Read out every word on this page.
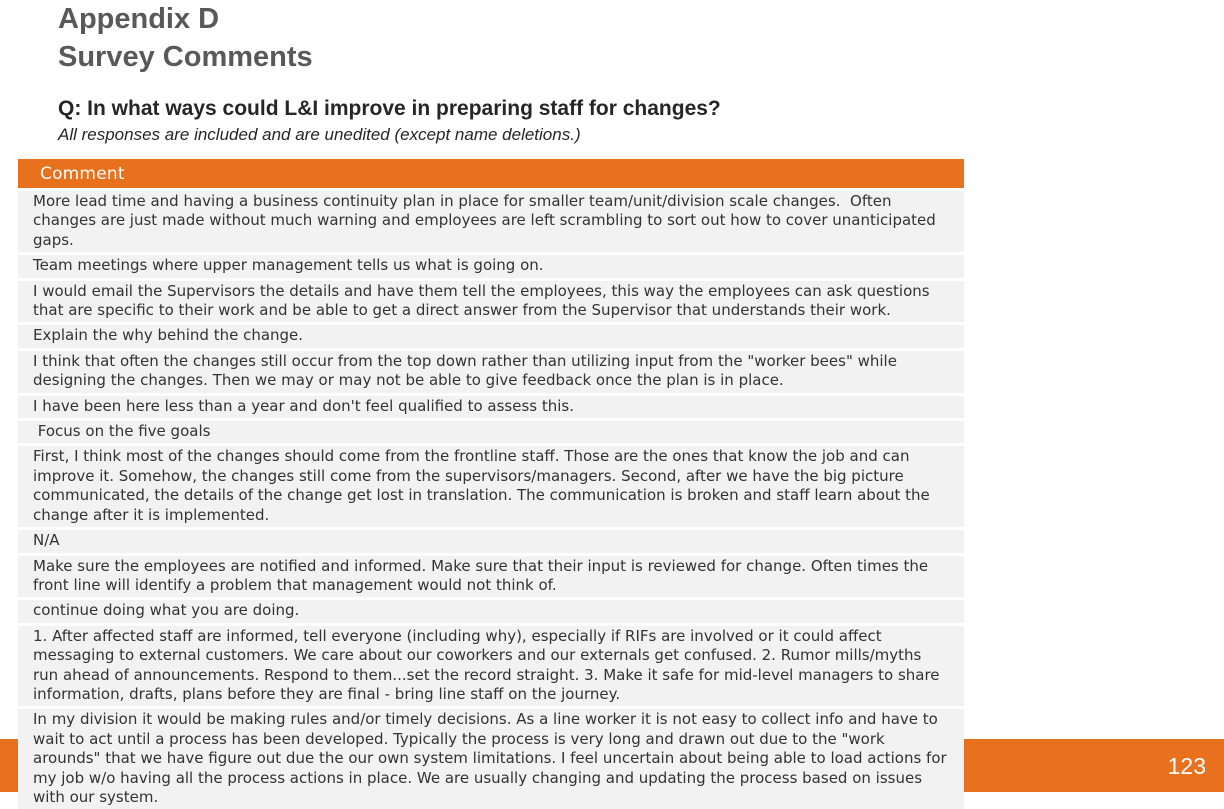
Appendix D
Survey Comments
Q: In what ways could L&I improve in preparing staff for changes?
All responses are included and are unedited (except name deletions.)
123
Comment
More lead time and having a business continuity plan in place for smaller team/unit/division scale changes.  Often
changes are just made without much warning and employees are left scrambling to sort out how to cover unanticipated
gaps.
Team meetings where upper management tells us what is going on.
I would email the Supervisors the details and have them tell the employees, this way the employees can ask questions
that are specific to their work and be able to get a direct answer from the Supervisor that understands their work.
Explain the why behind the change.
I think that often the changes still occur from the top down rather than utilizing input from the "worker bees" while
designing the changes. Then we may or may not be able to give feedback once the plan is in place.
I have been here less than a year and don't feel qualified to assess this.

Focus on the five goals
First, I think most of the changes should come from the frontline staff. Those are the ones that know the job and can
improve it. Somehow, the changes still come from the supervisors/managers. Second, after we have the big picture
communicated, the details of the change get lost in translation. The communication is broken and staff learn about the
change after it is implemented.
N/A
Make sure the employees are notified and informed. Make sure that their input is reviewed for change. Often times the
front line will identify a problem that management would not think of.
continue doing what you are doing.
1. After affected staff are informed, tell everyone (including why), especially if RIFs are involved or it could affect
messaging to external customers. We care about our coworkers and our externals get confused. 2. Rumor mills/myths
run ahead of announcements. Respond to them...set the record straight. 3. Make it safe for mid-level managers to share
information, drafts, plans before they are final - bring line staff on the journey.
In my division it would be making rules and/or timely decisions. As a line worker it is not easy to collect info and have to
wait to act until a process has been developed. Typically the process is very long and drawn out due to the "work
arounds" that we have figure out due the our own system limitations. I feel uncertain about being able to load actions for
my job w/o having all the process actions in place. We are usually changing and updating the process based on issues
with our system.
